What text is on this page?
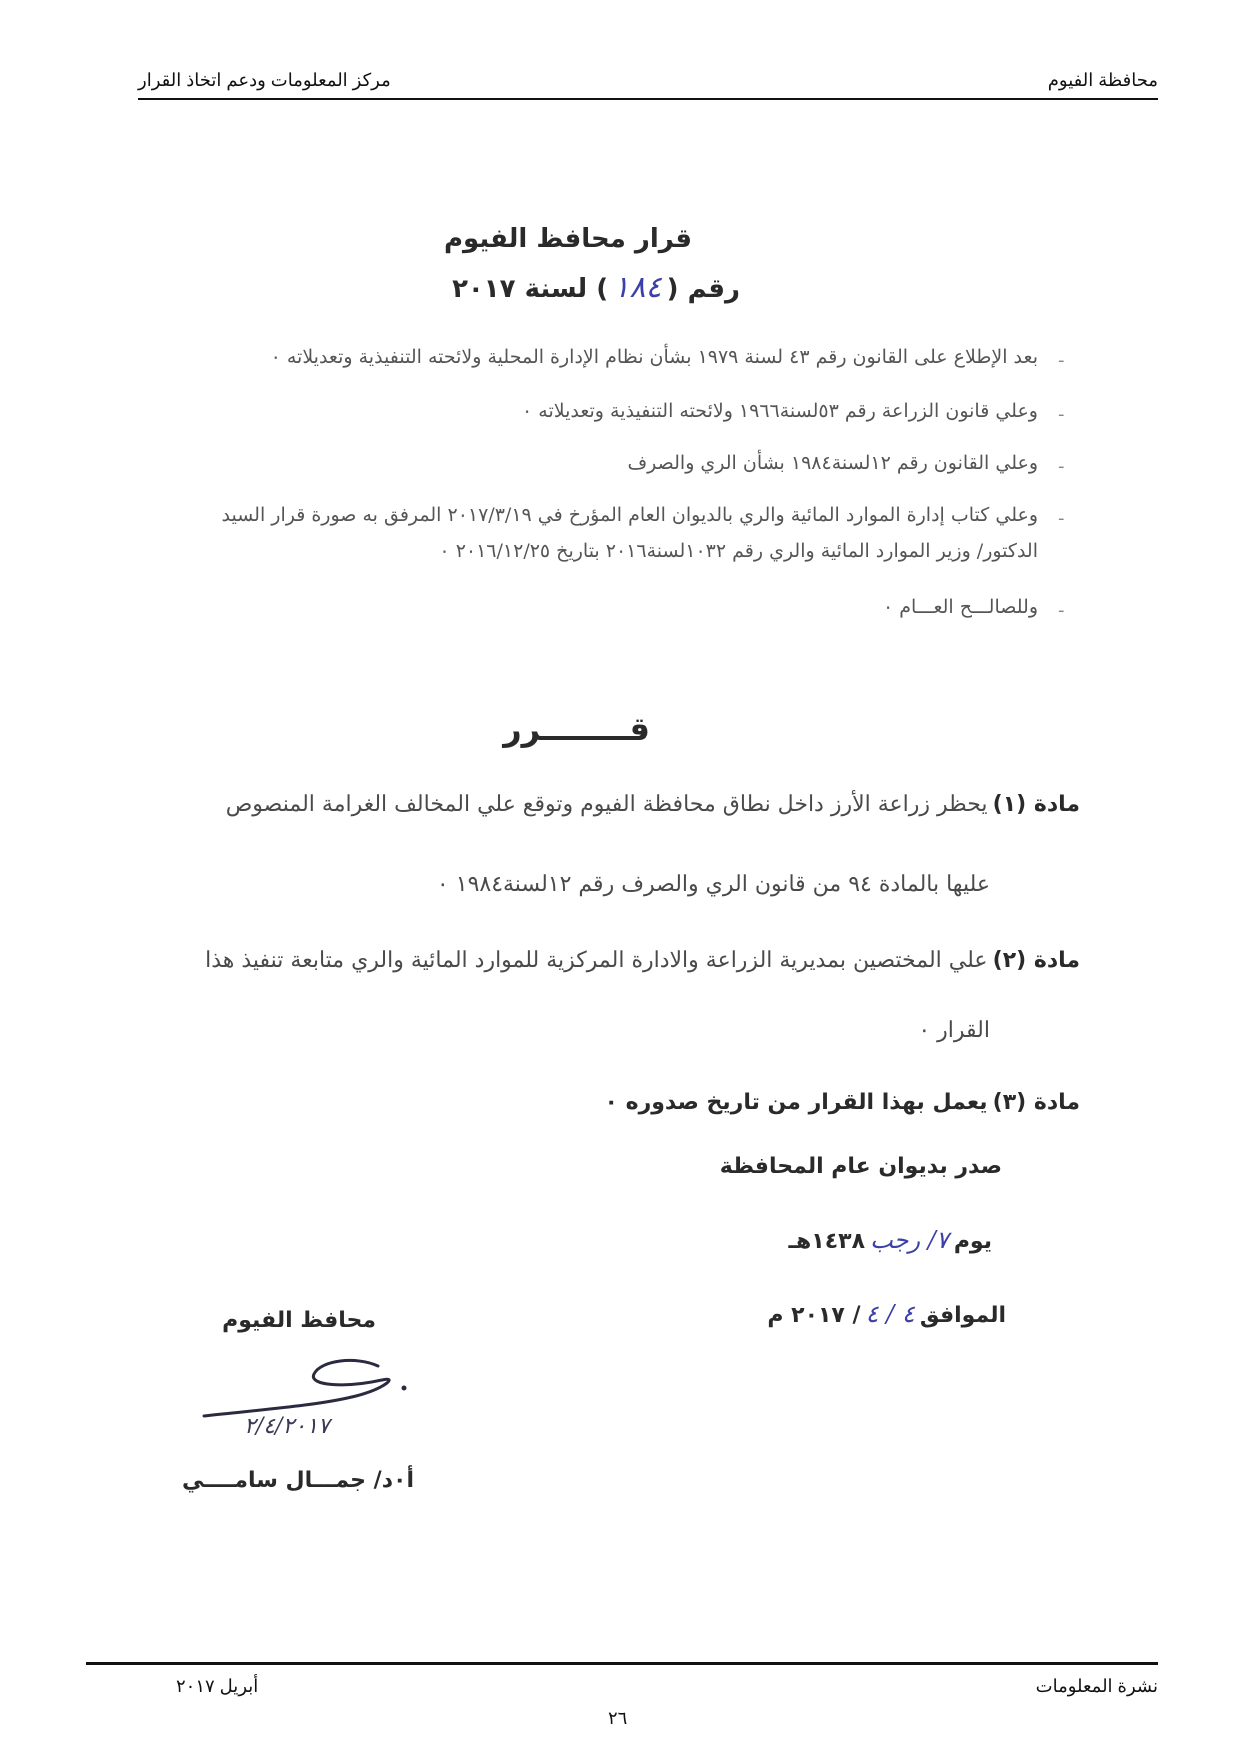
محافظة الفيوم
مركز المعلومات ودعم اتخاذ القرار
قرار محافظ الفيوم
رقم ( ١٨٤ ) لسنة ٢٠١٧
-
بعد الإطلاع على القانون رقم ٤٣ لسنة ١٩٧٩ بشأن نظام الإدارة المحلية ولائحته التنفيذية وتعديلاته ٠
-
وعلي قانون الزراعة رقم ٥٣لسنة١٩٦٦ ولائحته التنفيذية وتعديلاته ٠
-
وعلي القانون رقم ١٢لسنة١٩٨٤ بشأن الري والصرف
-
وعلي كتاب إدارة الموارد المائية والري بالديوان العام المؤرخ في ٢٠١٧/٣/١٩ المرفق به صورة قرار السيد
الدكتور/ وزير الموارد المائية والري رقم ١٠٣٢لسنة٢٠١٦ بتاريخ ٢٠١٦/١٢/٢٥ ٠
-
وللصالـــح العـــام ٠
قــــــــرر
مادة (١) يحظر زراعة الأرز داخل نطاق محافظة الفيوم وتوقع علي المخالف الغرامة المنصوص
عليها بالمادة ٩٤ من قانون الري والصرف رقم ١٢لسنة١٩٨٤ ٠
مادة (٢) علي المختصين بمديرية الزراعة والادارة المركزية للموارد المائية والري متابعة تنفيذ هذا
القرار ٠
مادة (٣) يعمل بهذا القرار من تاريخ صدوره ٠
صدر بديوان عام المحافظة
يوم ٧/ رجب ١٤٣٨هـ
الموافق ٤ / ٤ / ٢٠١٧ م
محافظ الفيوم
٢/٤/٢٠١٧
أ٠د/ جمـــال سامــــي
نشرة المعلومات
أبريل ٢٠١٧
٢٦
